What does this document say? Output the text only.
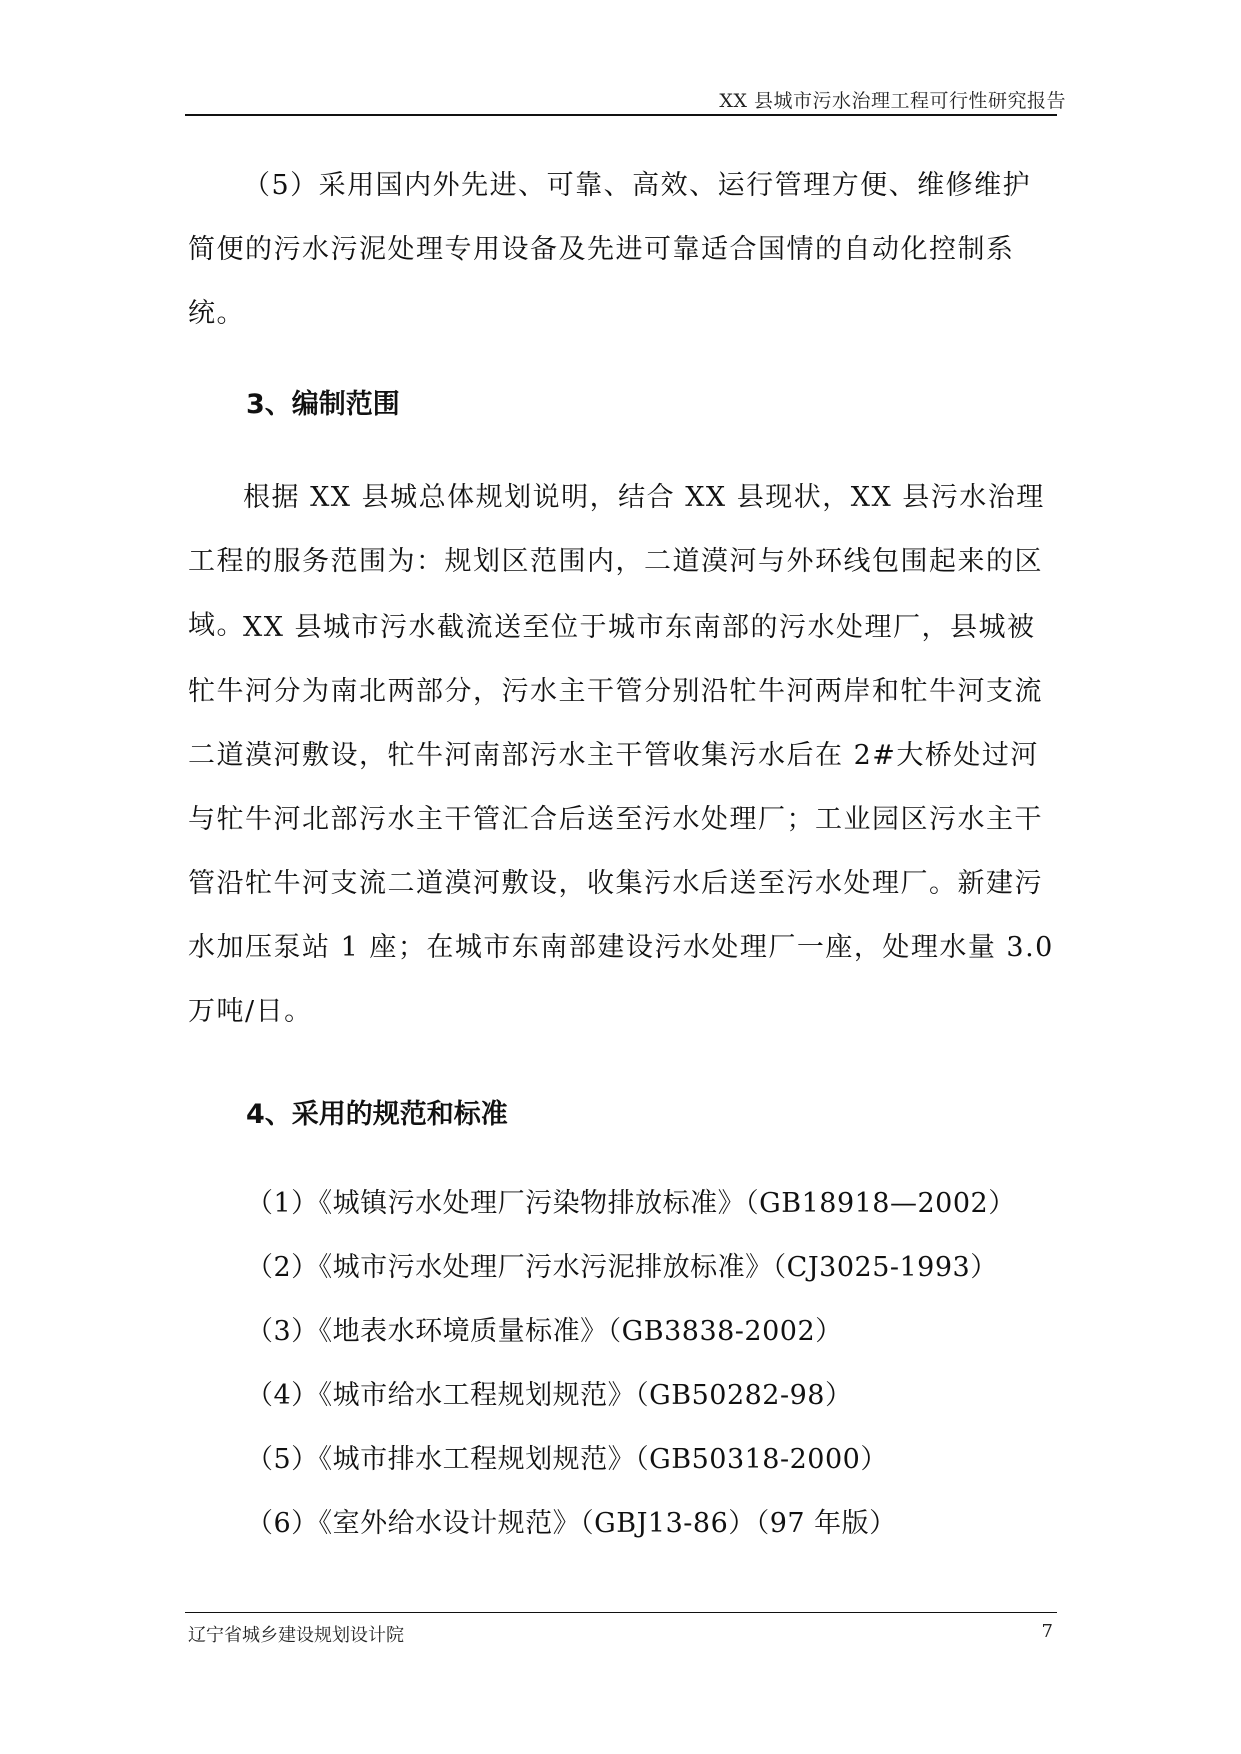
XX 县城市污水治理工程可行性研究报告
（5）采用国内外先进、可靠、高效、运行管理方便、维修维护简便的污水污泥处理专用设备及先进可靠适合国情的自动化控制系统。
3、编制范围
根据 XX 县城总体规划说明，结合 XX 县现状，XX 县污水治理工程的服务范围为：规划区范围内，二道漠河与外环线包围起来的区域。
XX 县城市污水截流送至位于城市东南部的污水处理厂，县城被牤牛河分为南北两部分，污水主干管分别沿牤牛河两岸和牤牛河支流二道漠河敷设，牤牛河南部污水主干管收集污水后在 2#大桥处过河与牤牛河北部污水主干管汇合后送至污水处理厂；工业园区污水主干管沿牤牛河支流二道漠河敷设，收集污水后送至污水处理厂。新建污水加压泵站 1 座；在城市东南部建设污水处理厂一座，处理水量 3.0 万吨/日。
4、采用的规范和标准
（1）《城镇污水处理厂污染物排放标准》（GB18918—2002）
（2）《城市污水处理厂污水污泥排放标准》（CJ3025-1993）
（3）《地表水环境质量标准》（GB3838-2002）
（4）《城市给水工程规划规范》（GB50282-98）
（5）《城市排水工程规划规范》（GB50318-2000）
（6）《室外给水设计规范》（GBJ13-86）（97 年版）
辽宁省城乡建设规划设计院	7
